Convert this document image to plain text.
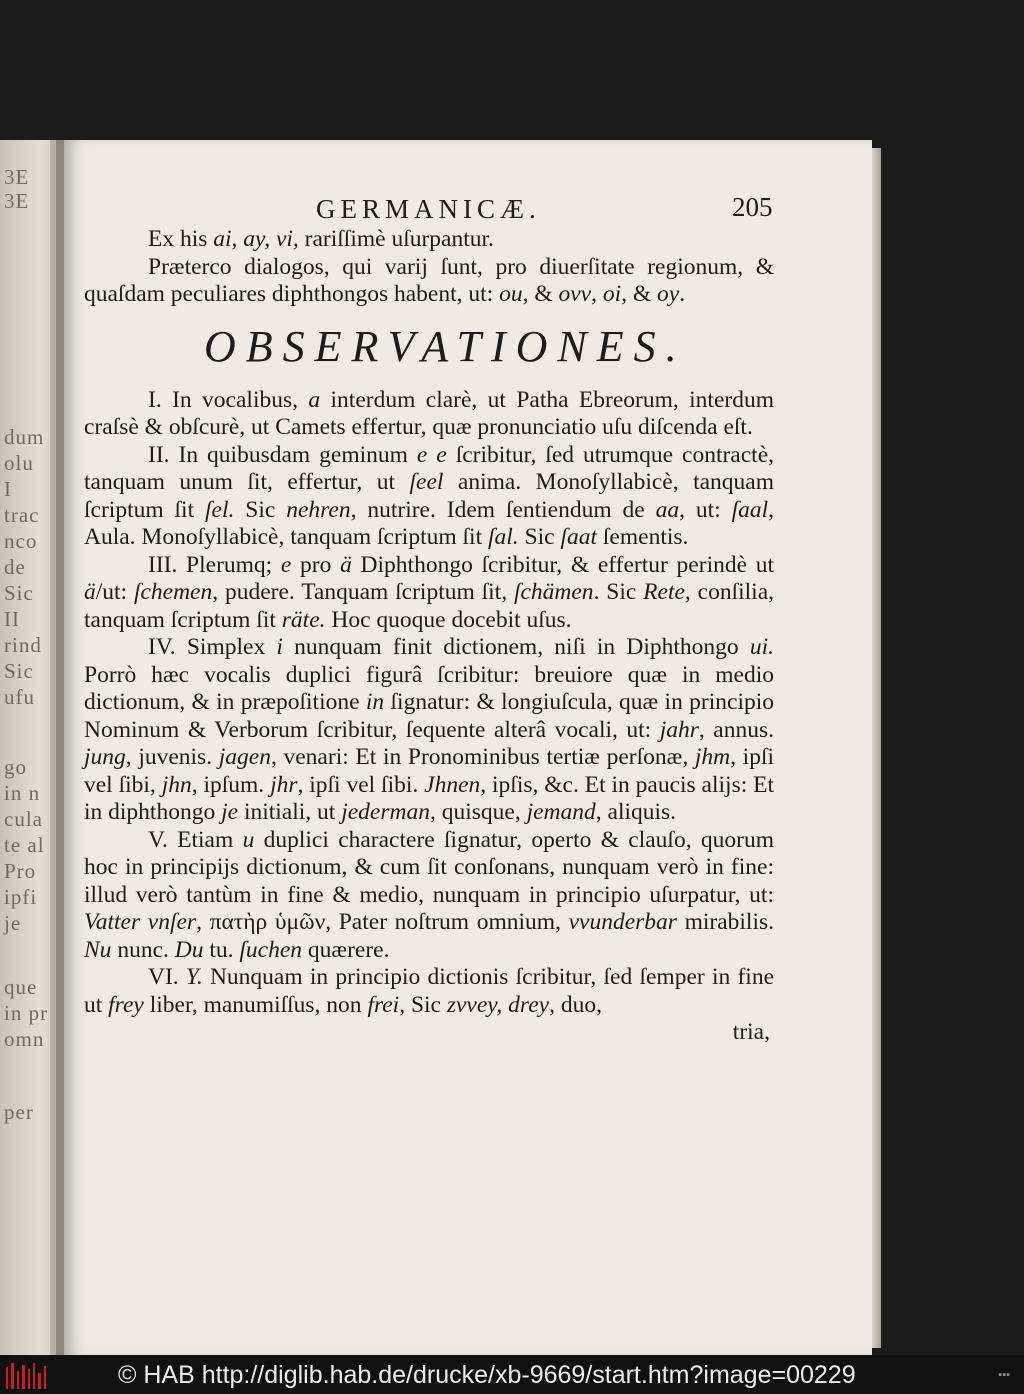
3E
3E
dum
olu
I
trac
nco
de
Sic
II
rind
Sic
ufu
go
in n
cula
te al
Pro
ipfi
je
que
in pr
omn
per
GERMANICÆ.	205

Ex his ai, ay, vi, rariſſimè uſurpantur.

Præterco dialogos, qui varij ſunt, pro diuerſitate regionum, & quaſdam peculiares diphthongos habent, ut: ou, & ovv, oi, & oy.

OBSERVATIONES.

I. In vocalibus, a interdum clarè, ut Patha Ebreorum, interdum craſsè & obſcurè, ut Camets effertur, quæ pronunciatio uſu diſcenda eſt.

II. In quibusdam geminum e e ſcribitur, ſed utrumque contractè, tanquam unum ſit, effertur, ut ſeel anima. Monoſyllabicè, tanquam ſcriptum ſit ſel. Sic nehren, nutrire. Idem ſentiendum de aa, ut: ſaal, Aula. Monoſyllabicè, tanquam ſcriptum ſit ſal. Sic ſaat ſementis.

III. Plerumq; e pro ä Diphthongo ſcribitur, & effertur perindè ut ä/ut: ſchemen, pudere. Tanquam ſcriptum ſit, ſchämen. Sic Rete, conſilia, tanquam ſcriptum ſit räte. Hoc quoque docebit uſus.

IV. Simplex i nunquam finit dictionem, niſi in Diphthongo ui. Porrò hæc vocalis duplici figurâ ſcribitur: breuiore quæ in medio dictionum, & in præpoſitione in ſignatur: & longiuſcula, quæ in principio Nominum & Verborum ſcribitur, ſequente alterâ vocali, ut: jahr, annus. jung, juvenis. jagen, venari: Et in Pronominibus tertiæ perſonæ, jhm, ipſi vel ſibi, jhn, ipſum. jhr, ipſi vel ſibi. Jhnen, ipſis, &c. Et in paucis alijs: Et in diphthongo je initiali, ut jederman, quisque, jemand, aliquis.

V. Etiam u duplici charactere ſignatur, operto & clauſo, quorum hoc in principijs dictionum, & cum ſit conſonans, nunquam verò in fine: illud verò tantùm in fine & medio, nunquam in principio uſurpatur, ut: Vatter vnſer, πατὴρ ὑμῶν, Pater noſtrum omnium, vvunderbar mirabilis. Nu nunc. Du tu. ſuchen quærere.

VI. Y. Nunquam in principio dictionis ſcribitur, ſed ſemper in fine ut frey liber, manumiſſus, non frei, Sic zvvey, drey, duo,

tria,

© HAB http://diglib.hab.de/drucke/xb-9669/start.htm?image=00229	▪▪▪
